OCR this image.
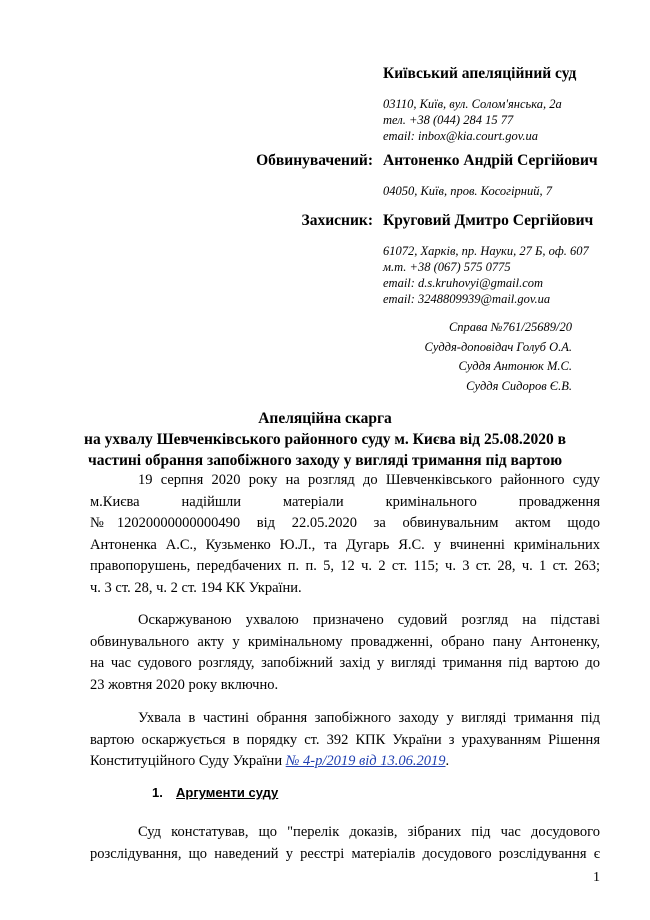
Київський апеляційний суд
03110, Київ, вул. Солом'янська, 2а
тел. +38 (044) 284 15 77
email: inbox@kia.court.gov.ua
Обвинувачений: Антоненко Андрій Сергійович
04050, Київ, пров. Косогірний, 7
Захисник: Круговий Дмитро Сергійович
61072, Харків, пр. Науки, 27 Б, оф. 607
м.т. +38 (067) 575 0775
email: d.s.kruhovyi@gmail.com
email: 3248809939@mail.gov.ua
Справа №761/25689/20
Суддя-доповідач Голуб О.А.
Суддя Антонюк М.С.
Суддя Сидоров Є.В.
Апеляційна скарга
на ухвалу Шевченківського районного суду м. Києва від 25.08.2020 в
частині обрання запобіжного заходу у вигляді тримання під вартою
19 серпня 2020 року на розгляд до Шевченківського районного суду
м.Києва надійшли матеріали кримінального провадження
№12020000000000490 від 22.05.2020 за обвинувальним актом щодо
Антоненка А.С., Кузьменко Ю.Л., та Дугарь Я.С. у вчиненні кримінальних
правопорушень, передбачених п. п. 5, 12 ч. 2 ст. 115; ч. 3 ст. 28, ч. 1 ст. 263;
ч. 3 ст. 28, ч. 2 ст. 194 КК України.
Оскаржуваною ухвалою призначено судовий розгляд на підставі
обвинувального акту у кримінальному провадженні, обрано пану Антоненку,
на час судового розгляду, запобіжний захід у вигляді тримання під вартою до
23 жовтня 2020 року включно.
Ухвала в частині обрання запобіжного заходу у вигляді тримання під
вартою оскаржується в порядку ст. 392 КПК України з урахуванням Рішення
Конституційного Суду України № 4-р/2019 від 13.06.2019.
1. Аргументи суду
Суд констатував, що "перелік доказів, зібраних під час досудового
розслідування, що наведений у реєстрі матеріалів досудового розслідування є
1
